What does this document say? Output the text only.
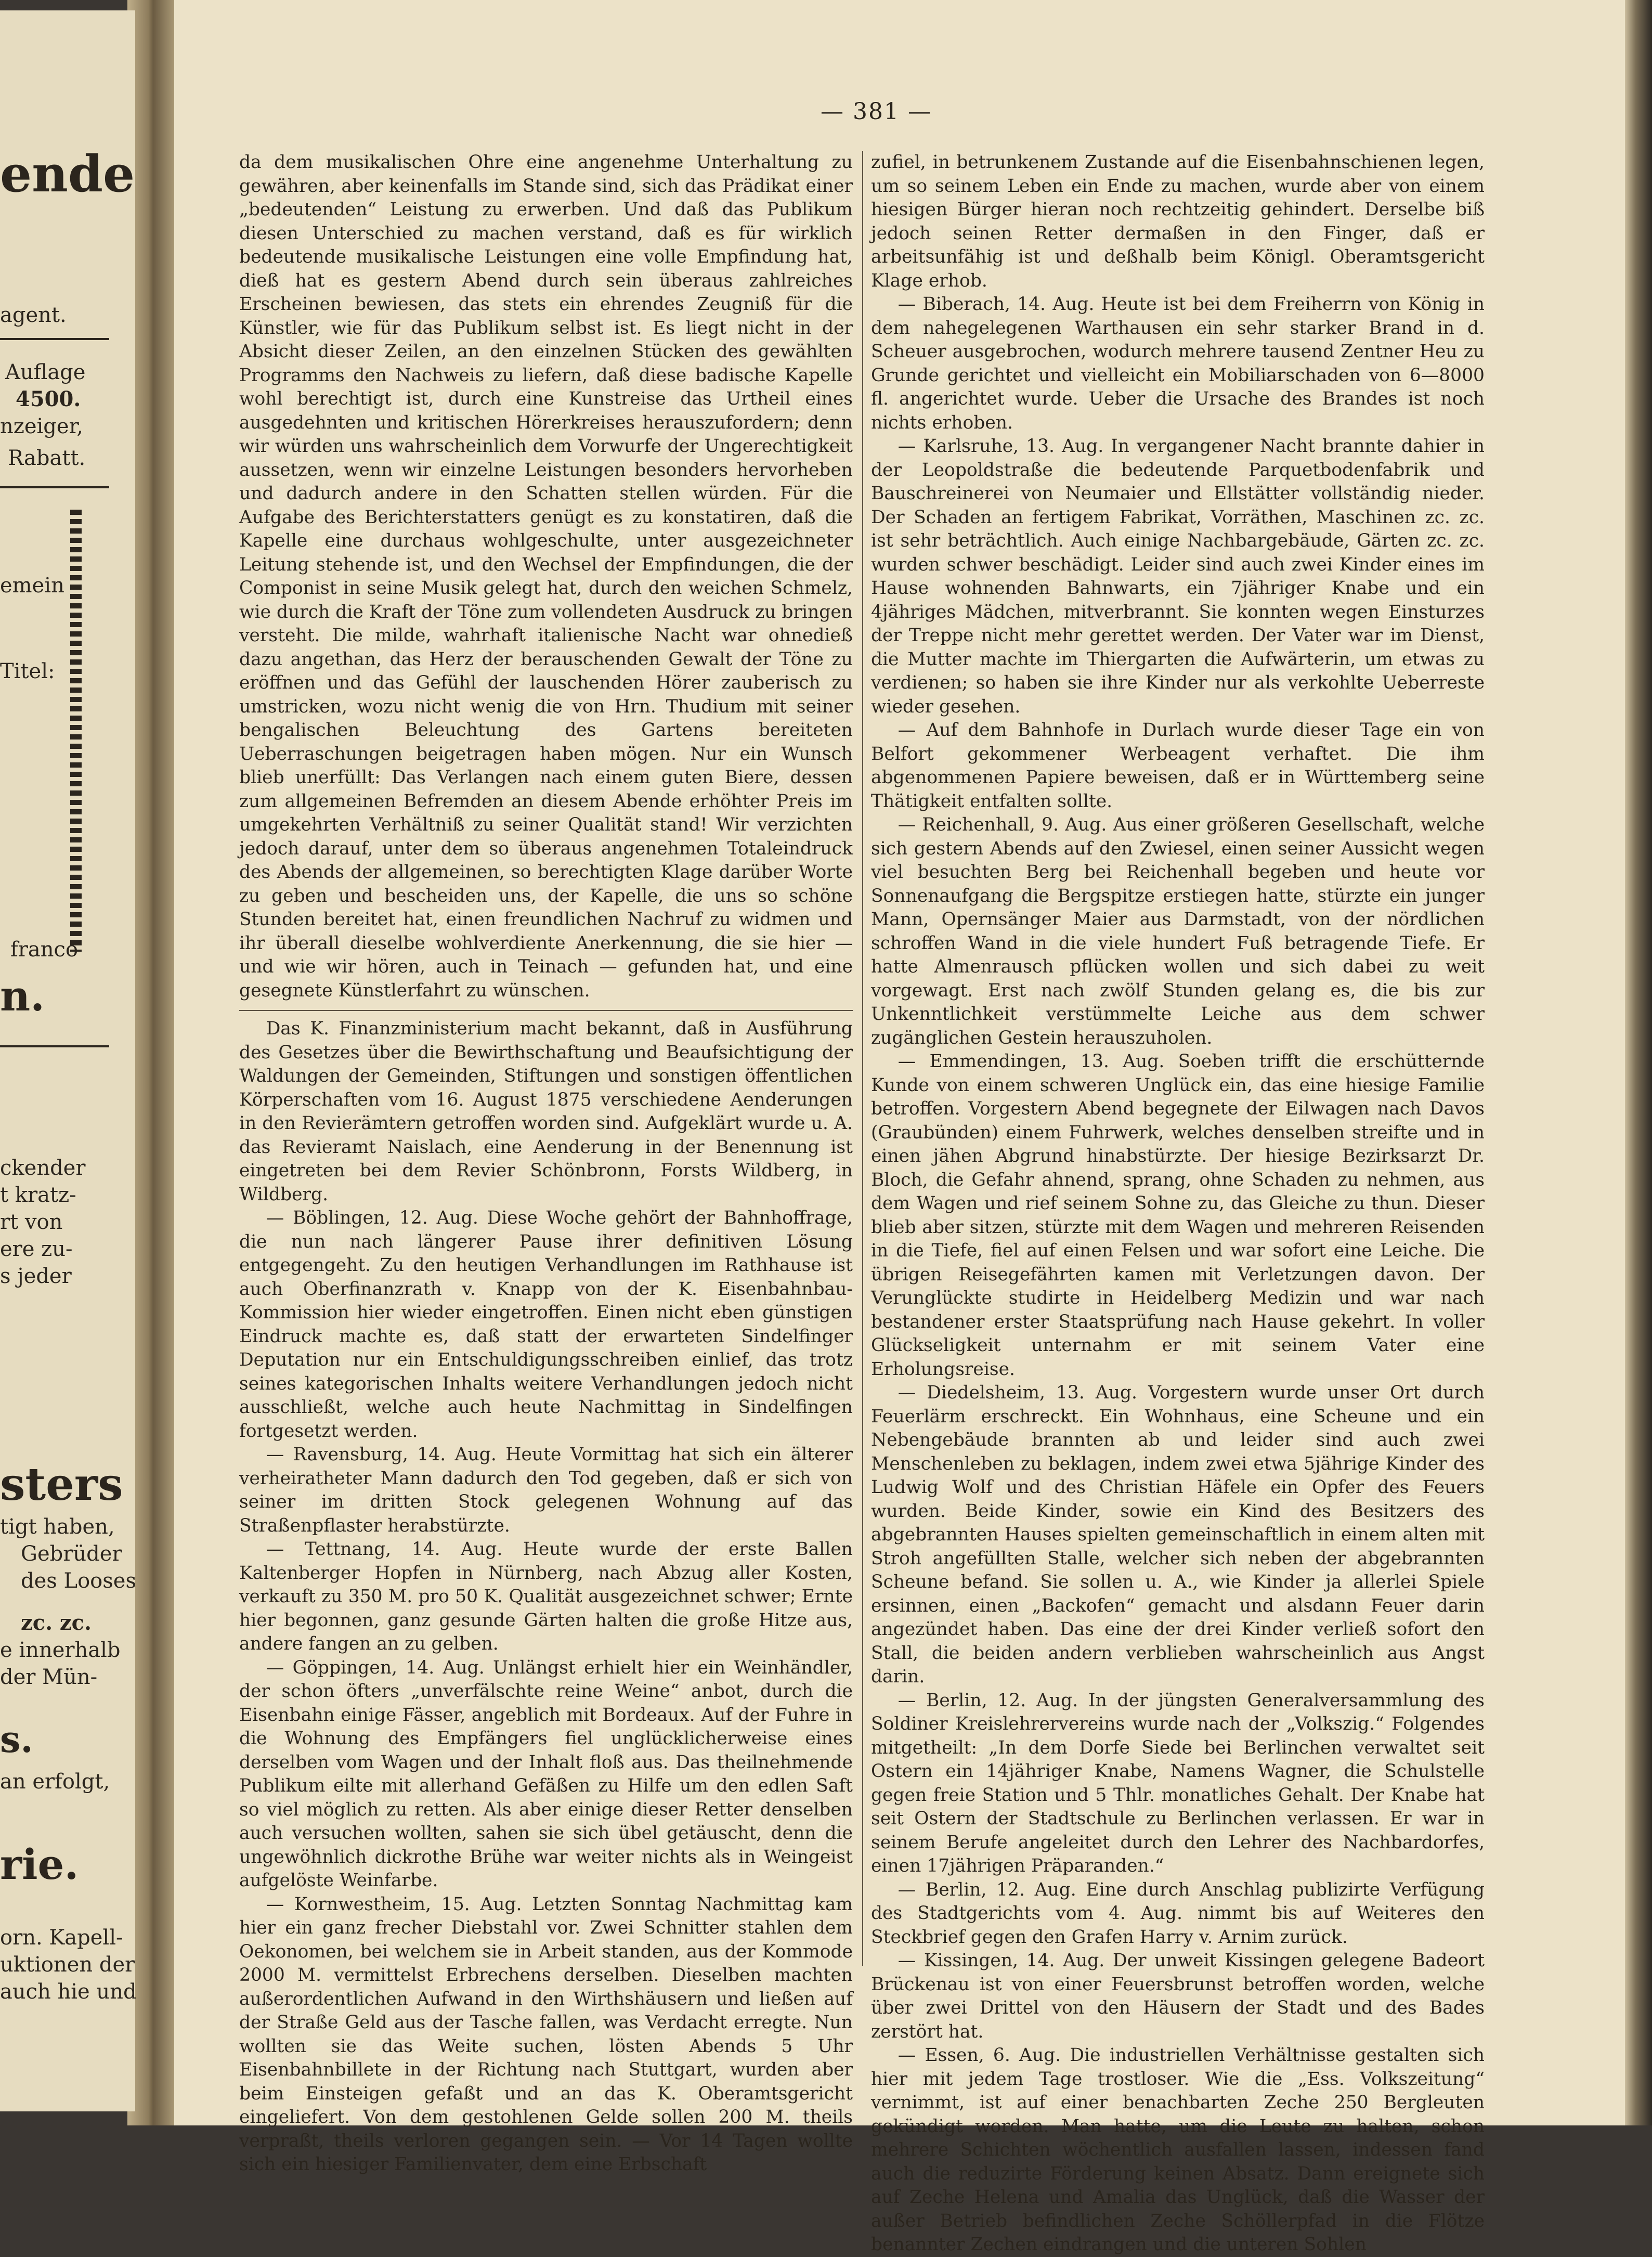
ende
agent.
Auflage
4500.
nzeiger,
Rabatt.
emein
Titel:
franco
n.
ckender
t kratz-
rt von
ere zu-
s jeder
sters
tigt haben,
Gebrüder
des Looses
zc. zc.
e innerhalb
der Mün-
s.
an erfolgt,
rie.
orn. Kapell-
uktionen der
auch hie und
— 381 —

da dem musikalischen Ohre eine angenehme Unterhaltung zu gewähren, aber keinenfalls im Stande sind, sich das Prädikat einer „bedeutenden“ Leistung zu erwerben. Und daß das Publikum diesen Unterschied zu machen verstand, daß es für wirklich bedeutende musikalische Leistungen eine volle Empfindung hat, dieß hat es gestern Abend durch sein überaus zahlreiches Erscheinen bewiesen, das stets ein ehrendes Zeugniß für die Künstler, wie für das Publikum selbst ist. Es liegt nicht in der Absicht dieser Zeilen, an den einzelnen Stücken des gewählten Programms den Nachweis zu liefern, daß diese badische Kapelle wohl berechtigt ist, durch eine Kunstreise das Urtheil eines ausgedehnten und kritischen Hörerkreises herauszufordern; denn wir würden uns wahrscheinlich dem Vorwurfe der Ungerechtigkeit aussetzen, wenn wir einzelne Leistungen besonders hervorheben und dadurch andere in den Schatten stellen würden. Für die Aufgabe des Berichterstatters genügt es zu konstatiren, daß die Kapelle eine durchaus wohlgeschulte, unter ausgezeichneter Leitung stehende ist, und den Wechsel der Empfindungen, die der Componist in seine Musik gelegt hat, durch den weichen Schmelz, wie durch die Kraft der Töne zum vollendeten Ausdruck zu bringen versteht. Die milde, wahrhaft italienische Nacht war ohnedieß dazu angethan, das Herz der berauschenden Gewalt der Töne zu eröffnen und das Gefühl der lauschenden Hörer zauberisch zu umstricken, wozu nicht wenig die von Hrn. Thudium mit seiner bengalischen Beleuchtung des Gartens bereiteten Ueberraschungen beigetragen haben mögen. Nur ein Wunsch blieb unerfüllt: Das Verlangen nach einem guten Biere, dessen zum allgemeinen Befremden an diesem Abende erhöhter Preis im umgekehrten Verhältniß zu seiner Qualität stand! Wir verzichten jedoch darauf, unter dem so überaus angenehmen Totaleindruck des Abends der allgemeinen, so berechtigten Klage darüber Worte zu geben und bescheiden uns, der Kapelle, die uns so schöne Stunden bereitet hat, einen freundlichen Nachruf zu widmen und ihr überall dieselbe wohlverdiente Anerkennung, die sie hier — und wie wir hören, auch in Teinach — gefunden hat, und eine gesegnete Künstlerfahrt zu wünschen.

Das K. Finanzministerium macht bekannt, daß in Ausführung des Gesetzes über die Bewirthschaftung und Beaufsichtigung der Waldungen der Gemeinden, Stiftungen und sonstigen öffentlichen Körperschaften vom 16. August 1875 verschiedene Aenderungen in den Revierämtern getroffen worden sind. Aufgeklärt wurde u. A. das Revieramt Naislach, eine Aenderung in der Benennung ist eingetreten bei dem Revier Schönbronn, Forsts Wildberg, in Wildberg.

— Böblingen, 12. Aug. Diese Woche gehört der Bahnhoffrage, die nun nach längerer Pause ihrer definitiven Lösung entgegengeht. Zu den heutigen Verhandlungen im Rathhause ist auch Oberfinanzrath v. Knapp von der K. Eisenbahnbau-Kommission hier wieder eingetroffen. Einen nicht eben günstigen Eindruck machte es, daß statt der erwarteten Sindelfinger Deputation nur ein Entschuldigungsschreiben einlief, das trotz seines kategorischen Inhalts weitere Verhandlungen jedoch nicht ausschließt, welche auch heute Nachmittag in Sindelfingen fortgesetzt werden.

— Ravensburg, 14. Aug. Heute Vormittag hat sich ein älterer verheiratheter Mann dadurch den Tod gegeben, daß er sich von seiner im dritten Stock gelegenen Wohnung auf das Straßenpflaster herabstürzte.

— Tettnang, 14. Aug. Heute wurde der erste Ballen Kaltenberger Hopfen in Nürnberg, nach Abzug aller Kosten, verkauft zu 350 M. pro 50 K. Qualität ausgezeichnet schwer; Ernte hier begonnen, ganz gesunde Gärten halten die große Hitze aus, andere fangen an zu gelben.

— Göppingen, 14. Aug. Unlängst erhielt hier ein Weinhändler, der schon öfters „unverfälschte reine Weine“ anbot, durch die Eisenbahn einige Fässer, angeblich mit Bordeaux. Auf der Fuhre in die Wohnung des Empfängers fiel unglücklicherweise eines derselben vom Wagen und der Inhalt floß aus. Das theilnehmende Publikum eilte mit allerhand Gefäßen zu Hilfe um den edlen Saft so viel möglich zu retten. Als aber einige dieser Retter denselben auch versuchen wollten, sahen sie sich übel getäuscht, denn die ungewöhnlich dickrothe Brühe war weiter nichts als in Weingeist aufgelöste Weinfarbe.

— Kornwestheim, 15. Aug. Letzten Sonntag Nachmittag kam hier ein ganz frecher Diebstahl vor. Zwei Schnitter stahlen dem Oekonomen, bei welchem sie in Arbeit standen, aus der Kommode 2000 M. vermittelst Erbrechens derselben. Dieselben machten außerordentlichen Aufwand in den Wirthshäusern und ließen auf der Straße Geld aus der Tasche fallen, was Verdacht erregte. Nun wollten sie das Weite suchen, lösten Abends 5 Uhr Eisenbahnbillete in der Richtung nach Stuttgart, wurden aber beim Einsteigen gefaßt und an das K. Oberamtsgericht eingeliefert. Von dem gestohlenen Gelde sollen 200 M. theils verpraßt, theils verloren gegangen sein. — Vor 14 Tagen wollte sich ein hiesiger Familienvater, dem eine Erbschaft

zufiel, in betrunkenem Zustande auf die Eisenbahnschienen legen, um so seinem Leben ein Ende zu machen, wurde aber von einem hiesigen Bürger hieran noch rechtzeitig gehindert. Derselbe biß jedoch seinen Retter dermaßen in den Finger, daß er arbeitsunfähig ist und deßhalb beim Königl. Oberamtsgericht Klage erhob.

— Biberach, 14. Aug. Heute ist bei dem Freiherrn von König in dem nahegelegenen Warthausen ein sehr starker Brand in d. Scheuer ausgebrochen, wodurch mehrere tausend Zentner Heu zu Grunde gerichtet und vielleicht ein Mobiliarschaden von 6—8000 fl. angerichtet wurde. Ueber die Ursache des Brandes ist noch nichts erhoben.

— Karlsruhe, 13. Aug. In vergangener Nacht brannte dahier in der Leopoldstraße die bedeutende Parquetbodenfabrik und Bauschreinerei von Neumaier und Ellstätter vollständig nieder. Der Schaden an fertigem Fabrikat, Vorräthen, Maschinen zc. zc. ist sehr beträchtlich. Auch einige Nachbargebäude, Gärten zc. zc. wurden schwer beschädigt. Leider sind auch zwei Kinder eines im Hause wohnenden Bahnwarts, ein 7jähriger Knabe und ein 4jähriges Mädchen, mitverbrannt. Sie konnten wegen Einsturzes der Treppe nicht mehr gerettet werden. Der Vater war im Dienst, die Mutter machte im Thiergarten die Aufwärterin, um etwas zu verdienen; so haben sie ihre Kinder nur als verkohlte Ueberreste wieder gesehen.

— Auf dem Bahnhofe in Durlach wurde dieser Tage ein von Belfort gekommener Werbeagent verhaftet. Die ihm abgenommenen Papiere beweisen, daß er in Württemberg seine Thätigkeit entfalten sollte.

— Reichenhall, 9. Aug. Aus einer größeren Gesellschaft, welche sich gestern Abends auf den Zwiesel, einen seiner Aussicht wegen viel besuchten Berg bei Reichenhall begeben und heute vor Sonnenaufgang die Bergspitze erstiegen hatte, stürzte ein junger Mann, Opernsänger Maier aus Darmstadt, von der nördlichen schroffen Wand in die viele hundert Fuß betragende Tiefe. Er hatte Almenrausch pflücken wollen und sich dabei zu weit vorgewagt. Erst nach zwölf Stunden gelang es, die bis zur Unkenntlichkeit verstümmelte Leiche aus dem schwer zugänglichen Gestein herauszuholen.

— Emmendingen, 13. Aug. Soeben trifft die erschütternde Kunde von einem schweren Unglück ein, das eine hiesige Familie betroffen. Vorgestern Abend begegnete der Eilwagen nach Davos (Graubünden) einem Fuhrwerk, welches denselben streifte und in einen jähen Abgrund hinabstürzte. Der hiesige Bezirksarzt Dr. Bloch, die Gefahr ahnend, sprang, ohne Schaden zu nehmen, aus dem Wagen und rief seinem Sohne zu, das Gleiche zu thun. Dieser blieb aber sitzen, stürzte mit dem Wagen und mehreren Reisenden in die Tiefe, fiel auf einen Felsen und war sofort eine Leiche. Die übrigen Reisegefährten kamen mit Verletzungen davon. Der Verunglückte studirte in Heidelberg Medizin und war nach bestandener erster Staatsprüfung nach Hause gekehrt. In voller Glückseligkeit unternahm er mit seinem Vater eine Erholungsreise.

— Diedelsheim, 13. Aug. Vorgestern wurde unser Ort durch Feuerlärm erschreckt. Ein Wohnhaus, eine Scheune und ein Nebengebäude brannten ab und leider sind auch zwei Menschenleben zu beklagen, indem zwei etwa 5jährige Kinder des Ludwig Wolf und des Christian Häfele ein Opfer des Feuers wurden. Beide Kinder, sowie ein Kind des Besitzers des abgebrannten Hauses spielten gemeinschaftlich in einem alten mit Stroh angefüllten Stalle, welcher sich neben der abgebrannten Scheune befand. Sie sollen u. A., wie Kinder ja allerlei Spiele ersinnen, einen „Backofen“ gemacht und alsdann Feuer darin angezündet haben. Das eine der drei Kinder verließ sofort den Stall, die beiden andern verblieben wahrscheinlich aus Angst darin.

— Berlin, 12. Aug. In der jüngsten Generalversammlung des Soldiner Kreislehrervereins wurde nach der „Volkszig.“ Folgendes mitgetheilt: „In dem Dorfe Siede bei Berlinchen verwaltet seit Ostern ein 14jähriger Knabe, Namens Wagner, die Schulstelle gegen freie Station und 5 Thlr. monatliches Gehalt. Der Knabe hat seit Ostern der Stadtschule zu Berlinchen verlassen. Er war in seinem Berufe angeleitet durch den Lehrer des Nachbardorfes, einen 17jährigen Präparanden.“

— Berlin, 12. Aug. Eine durch Anschlag publizirte Verfügung des Stadtgerichts vom 4. Aug. nimmt bis auf Weiteres den Steckbrief gegen den Grafen Harry v. Arnim zurück.

— Kissingen, 14. Aug. Der unweit Kissingen gelegene Badeort Brückenau ist von einer Feuersbrunst betroffen worden, welche über zwei Drittel von den Häusern der Stadt und des Bades zerstört hat.

— Essen, 6. Aug. Die industriellen Verhältnisse gestalten sich hier mit jedem Tage trostloser. Wie die „Ess. Volkszeitung“ vernimmt, ist auf einer benachbarten Zeche 250 Bergleuten gekündigt worden. Man hatte, um die Leute zu halten, schon mehrere Schichten wöchentlich ausfallen lassen, indessen fand auch die reduzirte Förderung keinen Absatz. Dann ereignete sich auf Zeche Helena und Amalia das Unglück, daß die Wasser der außer Betrieb befindlichen Zeche Schöllerpfad in die Flötze benannter Zechen eindrangen und die unteren Sohlen
